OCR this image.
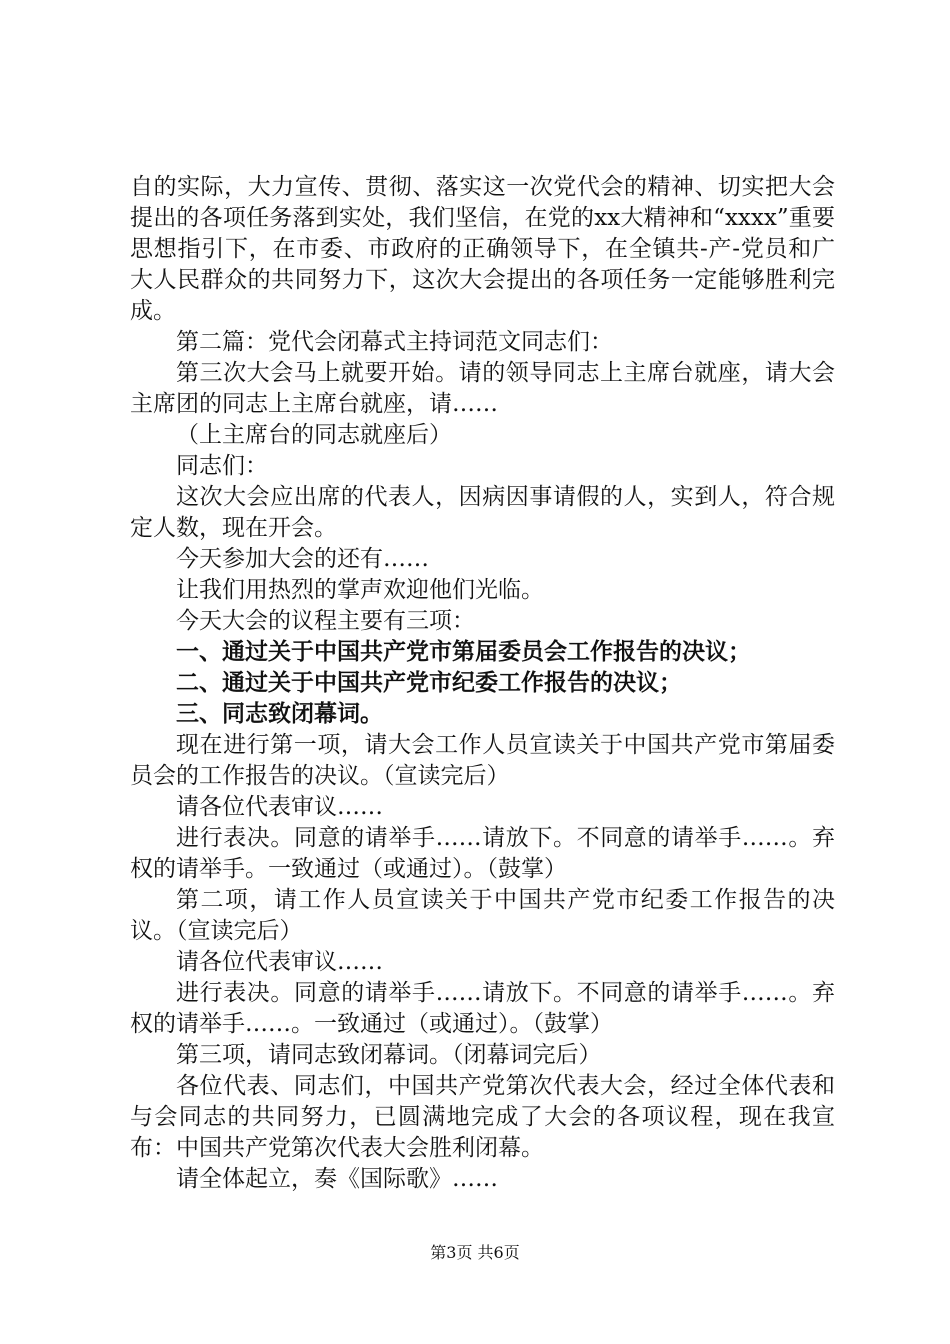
自的实际，大力宣传、贯彻、落实这一次党代会的精神、切实把大会提出的各项任务落到实处，我们坚信，在党的xx大精神和“xxxx”重要思想指引下，在市委、市政府的正确领导下，在全镇共-产-党员和广大人民群众的共同努力下，这次大会提出的各项任务一定能够胜利完成。

第二篇：党代会闭幕式主持词范文同志们：

第三次大会马上就要开始。请的领导同志上主席台就座，请大会主席团的同志上主席台就座，请……

（上主席台的同志就座后）

同志们：

这次大会应出席的代表人，因病因事请假的人，实到人，符合规定人数，现在开会。

今天参加大会的还有……

让我们用热烈的掌声欢迎他们光临。

今天大会的议程主要有三项：

一、通过关于中国共产党市第届委员会工作报告的决议；

二、通过关于中国共产党市纪委工作报告的决议；

三、同志致闭幕词。

现在进行第一项，请大会工作人员宣读关于中国共产党市第届委员会的工作报告的决议。（宣读完后）

请各位代表审议……

进行表决。同意的请举手……请放下。不同意的请举手……。弃权的请举手。一致通过（或通过）。（鼓掌）

第二项，请工作人员宣读关于中国共产党市纪委工作报告的决议。（宣读完后）

请各位代表审议……

进行表决。同意的请举手……请放下。不同意的请举手……。弃权的请举手……。一致通过（或通过）。（鼓掌）

第三项，请同志致闭幕词。（闭幕词完后）

各位代表、同志们，中国共产党第次代表大会，经过全体代表和与会同志的共同努力，已圆满地完成了大会的各项议程，现在我宣布：中国共产党第次代表大会胜利闭幕。

请全体起立，奏《国际歌》……

第3页 共6页
